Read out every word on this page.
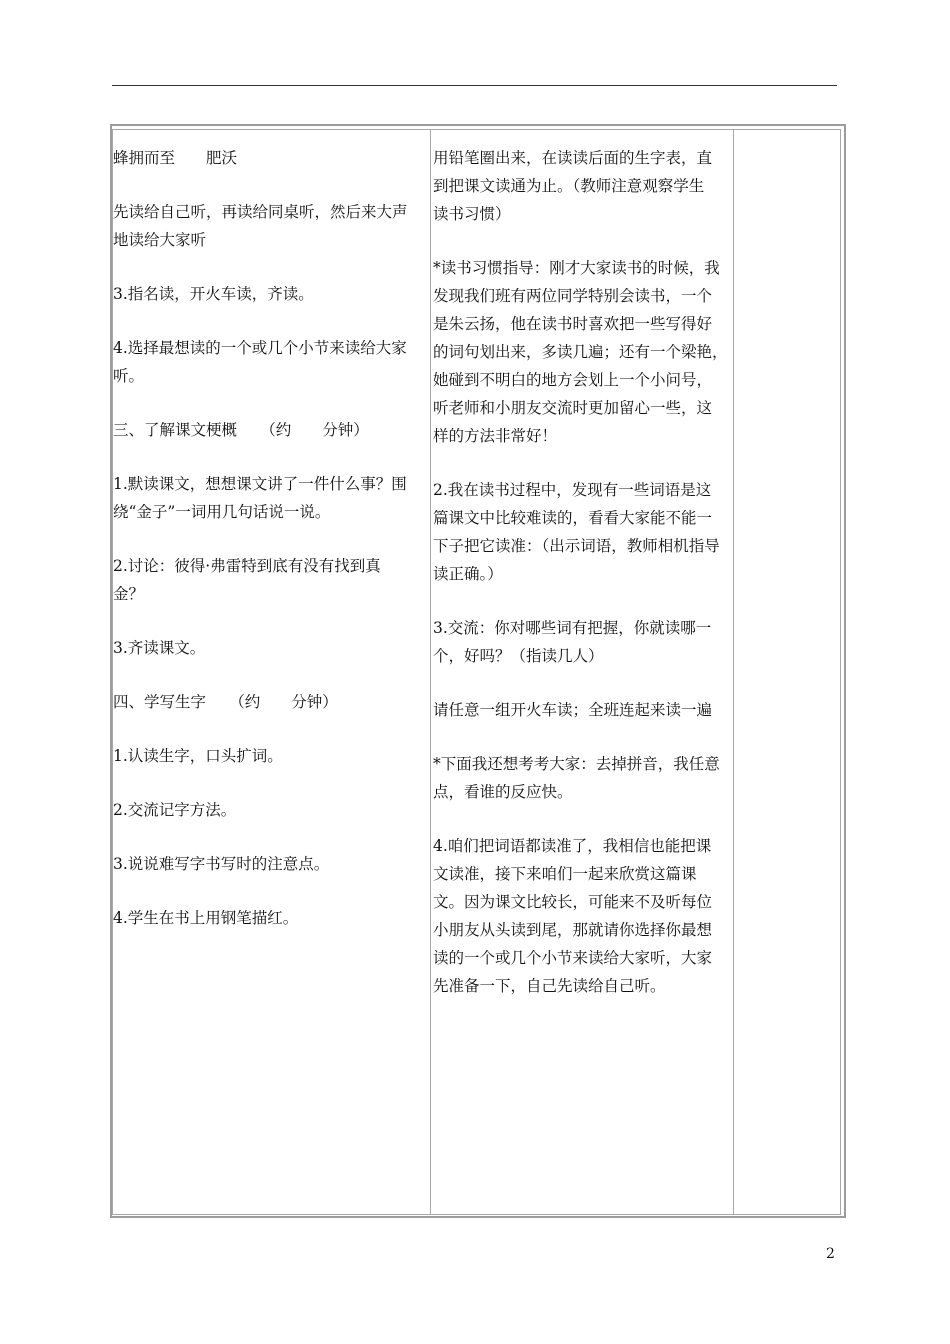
蜂拥而至　　肥沃

先读给自己听，再读给同桌听，然后来大声
地读给大家听

3.指名读，开火车读，齐读。

4.选择最想读的一个或几个小节来读给大家
听。

三、了解课文梗概　　（约　　分钟）

1.默读课文，想想课文讲了一件什么事？围
绕“金子”一词用几句话说一说。

2.讨论：彼得·弗雷特到底有没有找到真
金？

3.齐读课文。

四、学写生字　　（约　　分钟）

1.认读生字，口头扩词。

2.交流记字方法。

3.说说难写字书写时的注意点。

4.学生在书上用钢笔描红。

用铅笔圈出来，在读读后面的生字表，直
到把课文读通为止。（教师注意观察学生
读书习惯）

*读书习惯指导：刚才大家读书的时候，我
发现我们班有两位同学特别会读书，一个
是朱云扬，他在读书时喜欢把一些写得好
的词句划出来，多读几遍；还有一个梁艳，
她碰到不明白的地方会划上一个小问号，
听老师和小朋友交流时更加留心一些，这
样的方法非常好！

2.我在读书过程中，发现有一些词语是这
篇课文中比较难读的，看看大家能不能一
下子把它读准：（出示词语，教师相机指导
读正确。）

3.交流：你对哪些词有把握，你就读哪一
个，好吗？（指读几人）

请任意一组开火车读；全班连起来读一遍

*下面我还想考考大家：去掉拼音，我任意
点，看谁的反应快。

4.咱们把词语都读准了，我相信也能把课
文读准，接下来咱们一起来欣赏这篇课
文。因为课文比较长，可能来不及听每位
小朋友从头读到尾，那就请你选择你最想
读的一个或几个小节来读给大家听，大家
先准备一下，自己先读给自己听。

2
